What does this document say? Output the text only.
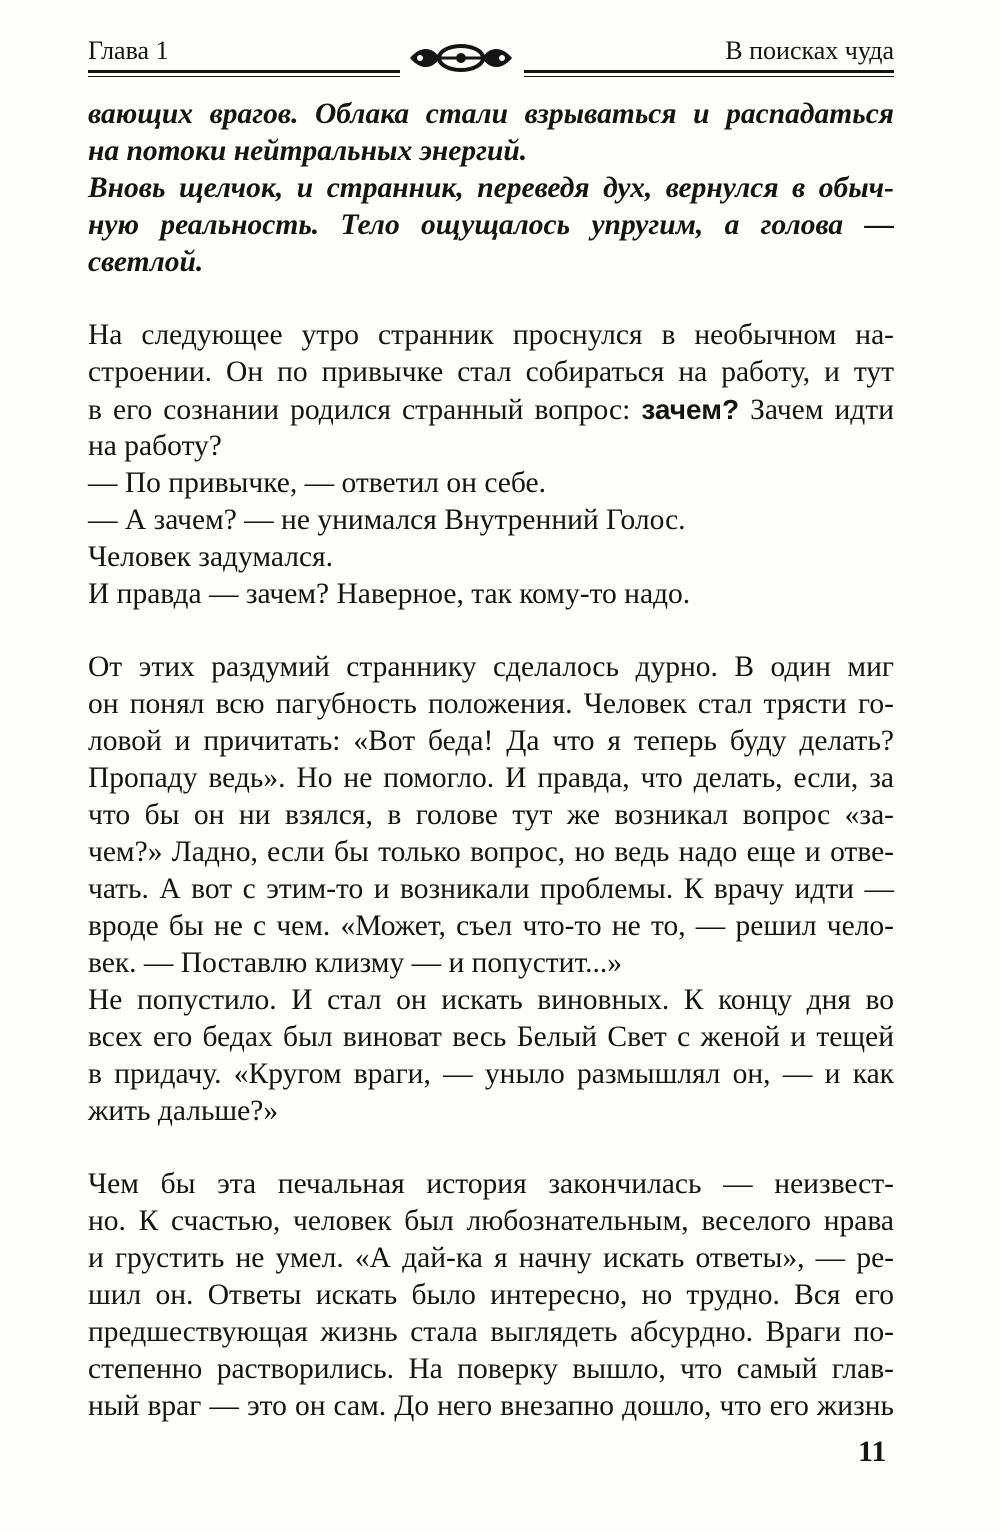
Глава 1	В поисках чуда
вающих врагов. Облака стали взрываться и распадаться
на потоки нейтральных энергий.
Вновь щелчок, и странник, переведя дух, вернулся в обыч-
ную реальность. Тело ощущалось упругим, а голова —
светлой.
На следующее утро странник проснулся в необычном на-
строении. Он по привычке стал собираться на работу, и тут
в его сознании родился странный вопрос: зачем? Зачем идти
на работу?
— По привычке, — ответил он себе.
— А зачем? — не унимался Внутренний Голос.
Человек задумался.
И правда — зачем? Наверное, так кому-то надо.
От этих раздумий страннику сделалось дурно. В один миг
он понял всю пагубность положения. Человек стал трясти го-
ловой и причитать: «Вот беда! Да что я теперь буду делать?
Пропаду ведь». Но не помогло. И правда, что делать, если, за
что бы он ни взялся, в голове тут же возникал вопрос «за-
чем?» Ладно, если бы только вопрос, но ведь надо еще и отве-
чать. А вот с этим-то и возникали проблемы. К врачу идти —
вроде бы не с чем. «Может, съел что-то не то, — решил чело-
век. — Поставлю клизму — и попустит...»
Не попустило. И стал он искать виновных. К концу дня во
всех его бедах был виноват весь Белый Свет с женой и тещей
в придачу. «Кругом враги, — уныло размышлял он, — и как
жить дальше?»
Чем бы эта печальная история закончилась — неизвест-
но. К счастью, человек был любознательным, веселого нрава
и грустить не умел. «А дай-ка я начну искать ответы», — ре-
шил он. Ответы искать было интересно, но трудно. Вся его
предшествующая жизнь стала выглядеть абсурдно. Враги по-
степенно растворились. На поверку вышло, что самый глав-
ный враг — это он сам. До него внезапно дошло, что его жизнь
11
